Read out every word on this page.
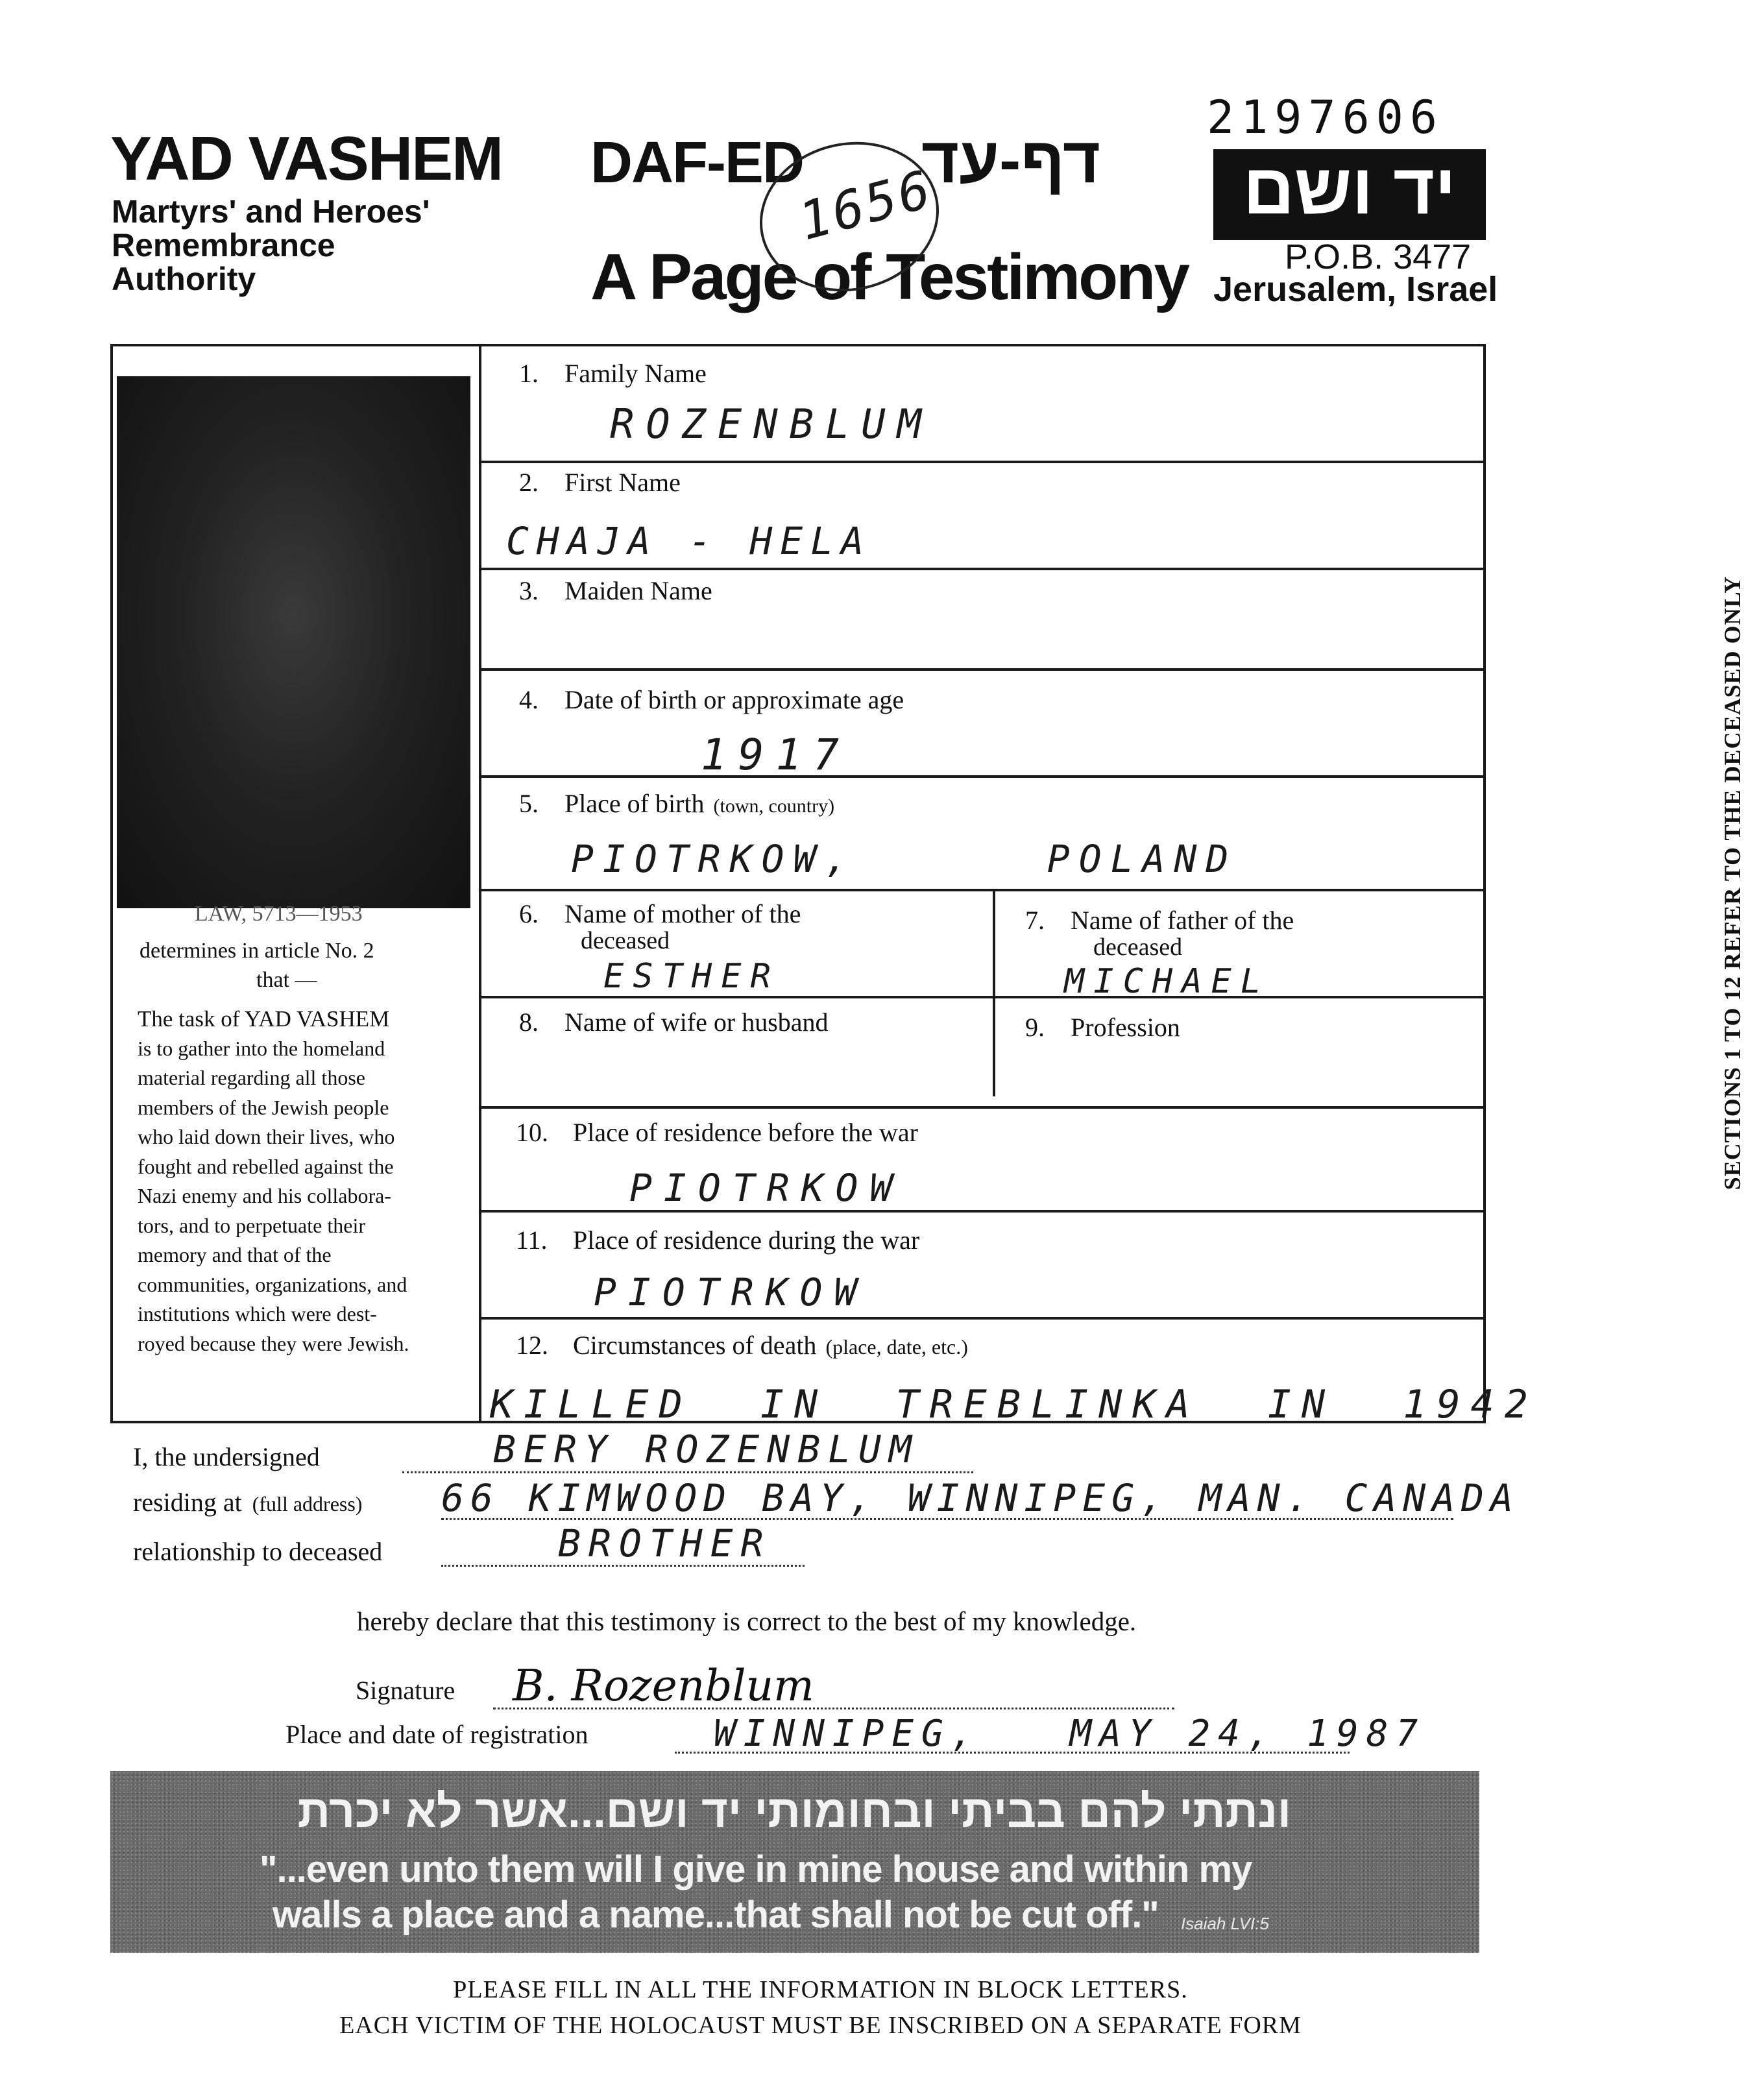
YAD VASHEM
Martyrs' and Heroes'
Remembrance
Authority
DAF-ED דף-עד
A Page of Testimony
1656
2197606
יד ושם
P.O.B. 3477
Jerusalem, Israel
LAW, 5713—1953
determines in article No. 2
that —
The task of YAD VASHEM
is to gather into the homeland
material regarding all those
members of the Jewish people
who laid down their lives, who
fought and rebelled against the
Nazi enemy and his collabora-
tors, and to perpetuate their
memory and that of the
communities, organizations, and
institutions which were dest-
royed because they were Jewish.
SECTIONS 1 TO 12 REFER TO THE DECEASED ONLY
1. Family Name
ROZENBLUM
2. First Name
CHAJA - HELA
3. Maiden Name
4. Date of birth or approximate age
1917
5. Place of birth (town, country)
PIOTRKOW,      POLAND
6. Name of mother of the
deceased
ESTHER
7. Name of father of the
deceased
MICHAEL
8. Name of wife or husband	9. Profession
10. Place of residence before the war
PIOTRKOW
11. Place of residence during the war
PIOTRKOW
12. Circumstances of death (place, date, etc.)
KILLED  IN  TREBLINKA  IN  1942
I, the undersigned	BERY ROZENBLUM
residing at (full address) 66 KIMWOOD BAY, WINNIPEG, MAN. CANADA
relationship to deceased	BROTHER
hereby declare that this testimony is correct to the best of my knowledge.
Signature B. Rozenblum
Place and date of registration	WINNIPEG,   MAY 24, 1987
ונתתי להם בביתי ובחומותי יד ושם...אשר לא יכרת
"...even unto them will I give in mine house and within my
walls a place and a name...that shall not be cut off." Isaiah LVI:5
PLEASE FILL IN ALL THE INFORMATION IN BLOCK LETTERS.
EACH VICTIM OF THE HOLOCAUST MUST BE INSCRIBED ON A SEPARATE FORM
